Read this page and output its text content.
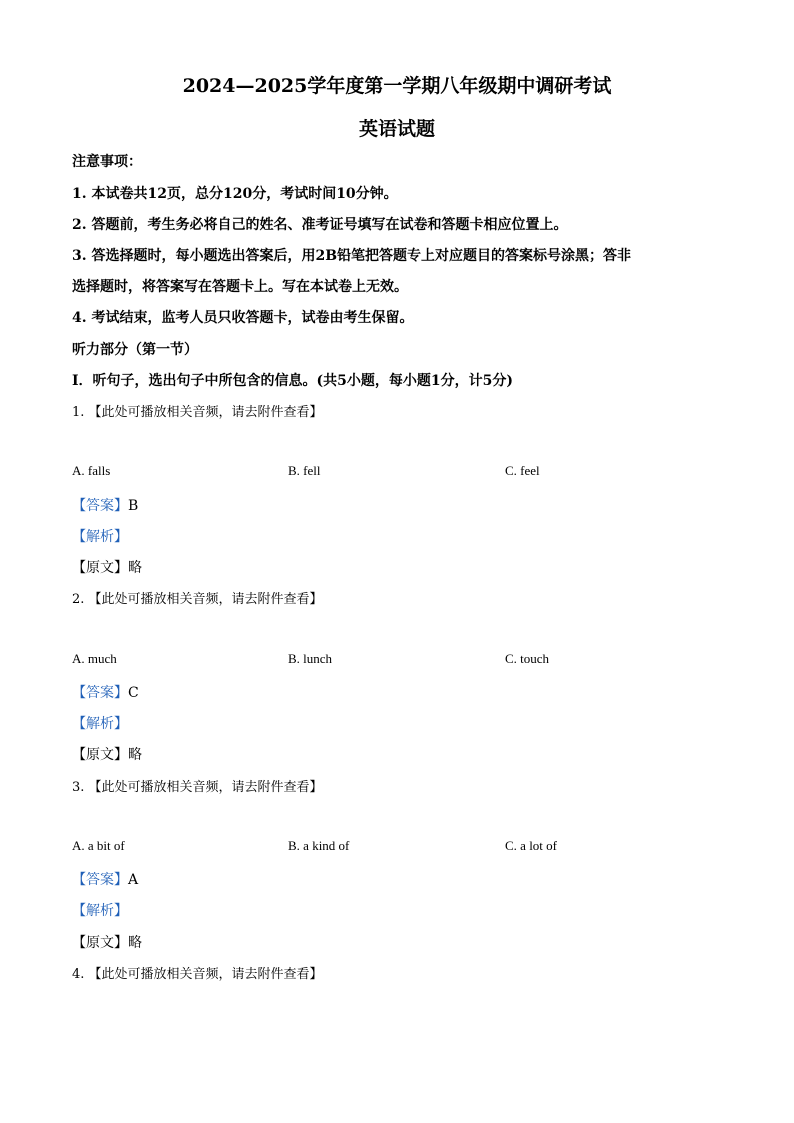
2024—2025学年度第一学期八年级期中调研考试
英语试题
注意事项：
1. 本试卷共12页，总分120分，考试时间10分钟。
2. 答题前，考生务必将自己的姓名、准考证号填写在试卷和答题卡相应位置上。
3. 答选择题时，每小题选出答案后，用2B铅笔把答题专上对应题目的答案标号涂黑；答非
选择题时，将答案写在答题卡上。写在本试卷上无效。
4. 考试结束，监考人员只收答题卡，试卷由考生保留。
听力部分（第一节）
Ⅰ．听句子，选出句子中所包含的信息。(共5小题，每小题1分，计5分)
1. 【此处可播放相关音频，请去附件查看】
A. falls	B. fell	C. feel
【答案】B
【解析】
【原文】略
2. 【此处可播放相关音频，请去附件查看】
A. much	B. lunch	C. touch
【答案】C
【解析】
【原文】略
3. 【此处可播放相关音频，请去附件查看】
A. a bit of	B. a kind of	C. a lot of
【答案】A
【解析】
【原文】略
4. 【此处可播放相关音频，请去附件查看】
